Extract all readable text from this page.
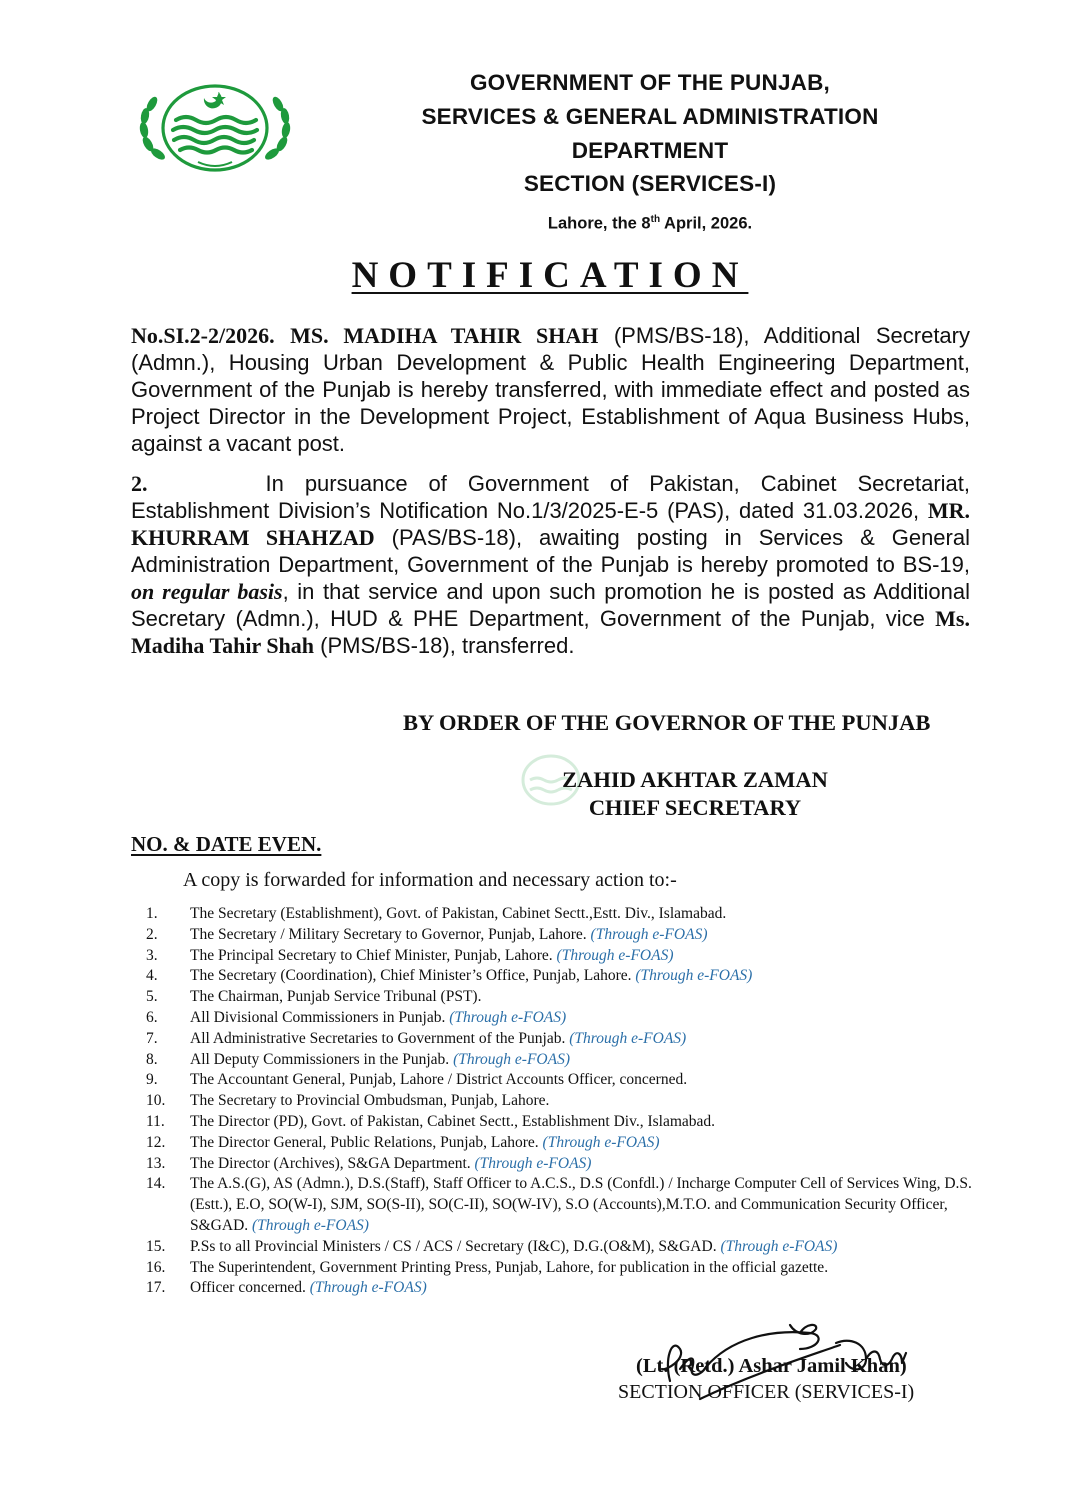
GOVERNMENT OF THE PUNJAB,
SERVICES & GENERAL ADMINISTRATION
DEPARTMENT
SECTION (SERVICES-I)
Lahore, the 8th April, 2026.
NOTIFICATION
No.SI.2-2/2026. MS. MADIHA TAHIR SHAH (PMS/BS-18), Additional Secretary (Admn.), Housing Urban Development & Public Health Engineering Department, Government of the Punjab is hereby transferred, with immediate effect and posted as Project Director in the Development Project, Establishment of Aqua Business Hubs, against a vacant post.
2.	In pursuance of Government of Pakistan, Cabinet Secretariat, Establishment Division’s Notification No.1/3/2025-E-5 (PAS), dated 31.03.2026, MR. KHURRAM SHAHZAD (PAS/BS-18), awaiting posting in Services & General Administration Department, Government of the Punjab is hereby promoted to BS-19, on regular basis, in that service and upon such promotion he is posted as Additional Secretary (Admn.), HUD & PHE Department, Government of the Punjab, vice Ms. Madiha Tahir Shah (PMS/BS-18), transferred.
BY ORDER OF THE GOVERNOR OF THE PUNJAB
ZAHID AKHTAR ZAMAN
CHIEF SECRETARY
NO. & DATE EVEN.
A copy is forwarded for information and necessary action to:-
1. The Secretary (Establishment), Govt. of Pakistan, Cabinet Sectt.,Estt. Div., Islamabad.
2. The Secretary / Military Secretary to Governor, Punjab, Lahore. (Through e-FOAS)
3. The Principal Secretary to Chief Minister, Punjab, Lahore. (Through e-FOAS)
4. The Secretary (Coordination), Chief Minister’s Office, Punjab, Lahore. (Through e-FOAS)
5. The Chairman, Punjab Service Tribunal (PST).
6. All Divisional Commissioners in Punjab. (Through e-FOAS)
7. All Administrative Secretaries to Government of the Punjab. (Through e-FOAS)
8. All Deputy Commissioners in the Punjab. (Through e-FOAS)
9. The Accountant General, Punjab, Lahore / District Accounts Officer, concerned.
10. The Secretary to Provincial Ombudsman, Punjab, Lahore.
11. The Director (PD), Govt. of Pakistan, Cabinet Sectt., Establishment Div., Islamabad.
12. The Director General, Public Relations, Punjab, Lahore. (Through e-FOAS)
13. The Director (Archives), S&GA Department. (Through e-FOAS)
14. The A.S.(G), AS (Admn.), D.S.(Staff), Staff Officer to A.C.S., D.S (Confdl.) / Incharge Computer Cell of Services Wing, D.S.(Estt.), E.O, SO(W-I), SJM, SO(S-II), SO(C-II), SO(W-IV), S.O (Accounts),M.T.O. and Communication Security Officer, S&GAD. (Through e-FOAS)
15. P.Ss to all Provincial Ministers / CS / ACS / Secretary (I&C), D.G.(O&M), S&GAD. (Through e-FOAS)
16. The Superintendent, Government Printing Press, Punjab, Lahore, for publication in the official gazette.
17. Officer concerned. (Through e-FOAS)
(Lt. (Retd.) Ashar Jamil Khan)
SECTION OFFICER (SERVICES-I)
